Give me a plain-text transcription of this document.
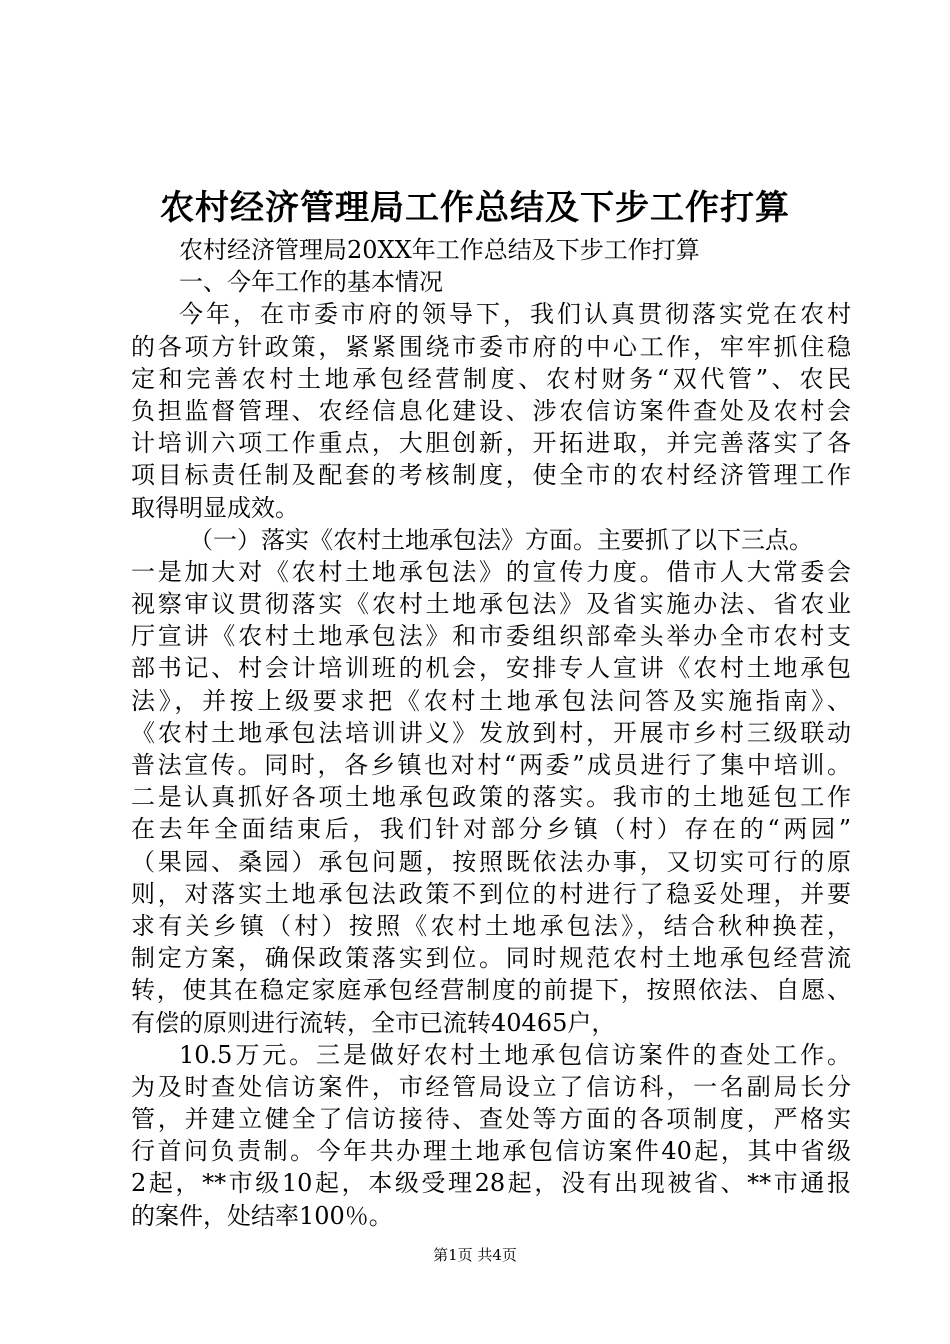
农村经济管理局工作总结及下步工作打算
农村经济管理局20XX年工作总结及下步工作打算
一、今年工作的基本情况
今年，在市委市府的领导下，我们认真贯彻落实党在农村
的各项方针政策，紧紧围绕市委市府的中心工作，牢牢抓住稳
定和完善农村土地承包经营制度、农村财务“双代管”、农民
负担监督管理、农经信息化建设、涉农信访案件查处及农村会
计培训六项工作重点，大胆创新，开拓进取，并完善落实了各
项目标责任制及配套的考核制度，使全市的农村经济管理工作
取得明显成效。
（一）落实《农村土地承包法》方面。主要抓了以下三点。
一是加大对《农村土地承包法》的宣传力度。借市人大常委会
视察审议贯彻落实《农村土地承包法》及省实施办法、省农业
厅宣讲《农村土地承包法》和市委组织部牵头举办全市农村支
部书记、村会计培训班的机会，安排专人宣讲《农村土地承包
法》，并按上级要求把《农村土地承包法问答及实施指南》、
《农村土地承包法培训讲义》发放到村，开展市乡村三级联动
普法宣传。同时，各乡镇也对村“两委”成员进行了集中培训。
二是认真抓好各项土地承包政策的落实。我市的土地延包工作
在去年全面结束后，我们针对部分乡镇（村）存在的“两园”
（果园、桑园）承包问题，按照既依法办事，又切实可行的原
则，对落实土地承包法政策不到位的村进行了稳妥处理，并要
求有关乡镇（村）按照《农村土地承包法》，结合秋种换茬，
制定方案，确保政策落实到位。同时规范农村土地承包经营流
转，使其在稳定家庭承包经营制度的前提下，按照依法、自愿、
有偿的原则进行流转，全市已流转40465户，
10.5万元。三是做好农村土地承包信访案件的查处工作。
为及时查处信访案件，市经管局设立了信访科，一名副局长分
管，并建立健全了信访接待、查处等方面的各项制度，严格实
行首问负责制。今年共办理土地承包信访案件40起，其中省级
2起，**市级10起，本级受理28起，没有出现被省、**市通报
的案件，处结率100％。
第1页 共4页
